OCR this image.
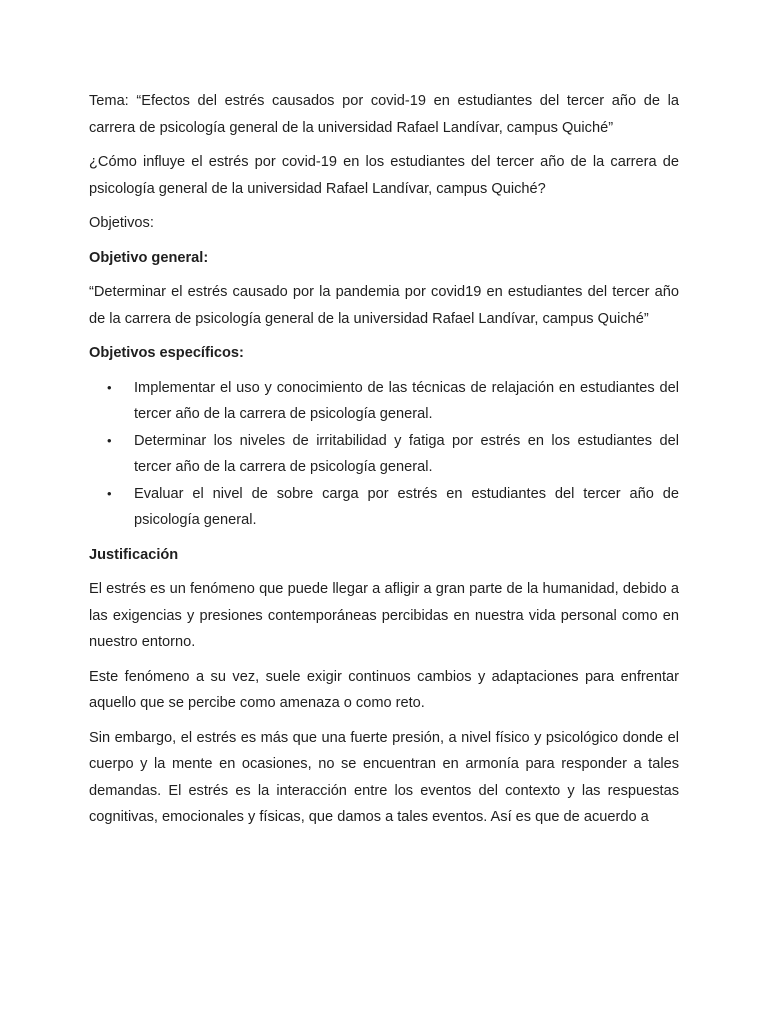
Tema: “Efectos del estrés causados por covid-19 en estudiantes del tercer año de la carrera de psicología general de la universidad Rafael Landívar, campus Quiché”

¿Cómo influye el estrés por covid-19 en los estudiantes del tercer año de la carrera de psicología general de la universidad Rafael Landívar, campus Quiché?

Objetivos:

Objetivo general:

“Determinar el estrés causado por la pandemia por covid19 en estudiantes del tercer año de la carrera de psicología general de la universidad Rafael Landívar, campus Quiché”

Objetivos específicos:

• Implementar el uso y conocimiento de las técnicas de relajación en estudiantes del tercer año de la carrera de psicología general.
• Determinar los niveles de irritabilidad y fatiga por estrés en los estudiantes del tercer año de la carrera de psicología general.
• Evaluar el nivel de sobre carga por estrés en estudiantes del tercer año de psicología general.

Justificación

El estrés es un fenómeno que puede llegar a afligir a gran parte de la humanidad, debido a las exigencias y presiones contemporáneas percibidas en nuestra vida personal como en nuestro entorno.

Este fenómeno a su vez, suele exigir continuos cambios y adaptaciones para enfrentar aquello que se percibe como amenaza o como reto.

Sin embargo, el estrés es más que una fuerte presión, a nivel físico y psicológico donde el cuerpo y la mente en ocasiones, no se encuentran en armonía para responder a tales demandas. El estrés es la interacción entre los eventos del contexto y las respuestas cognitivas, emocionales y físicas, que damos a tales eventos. Así es que de acuerdo a
